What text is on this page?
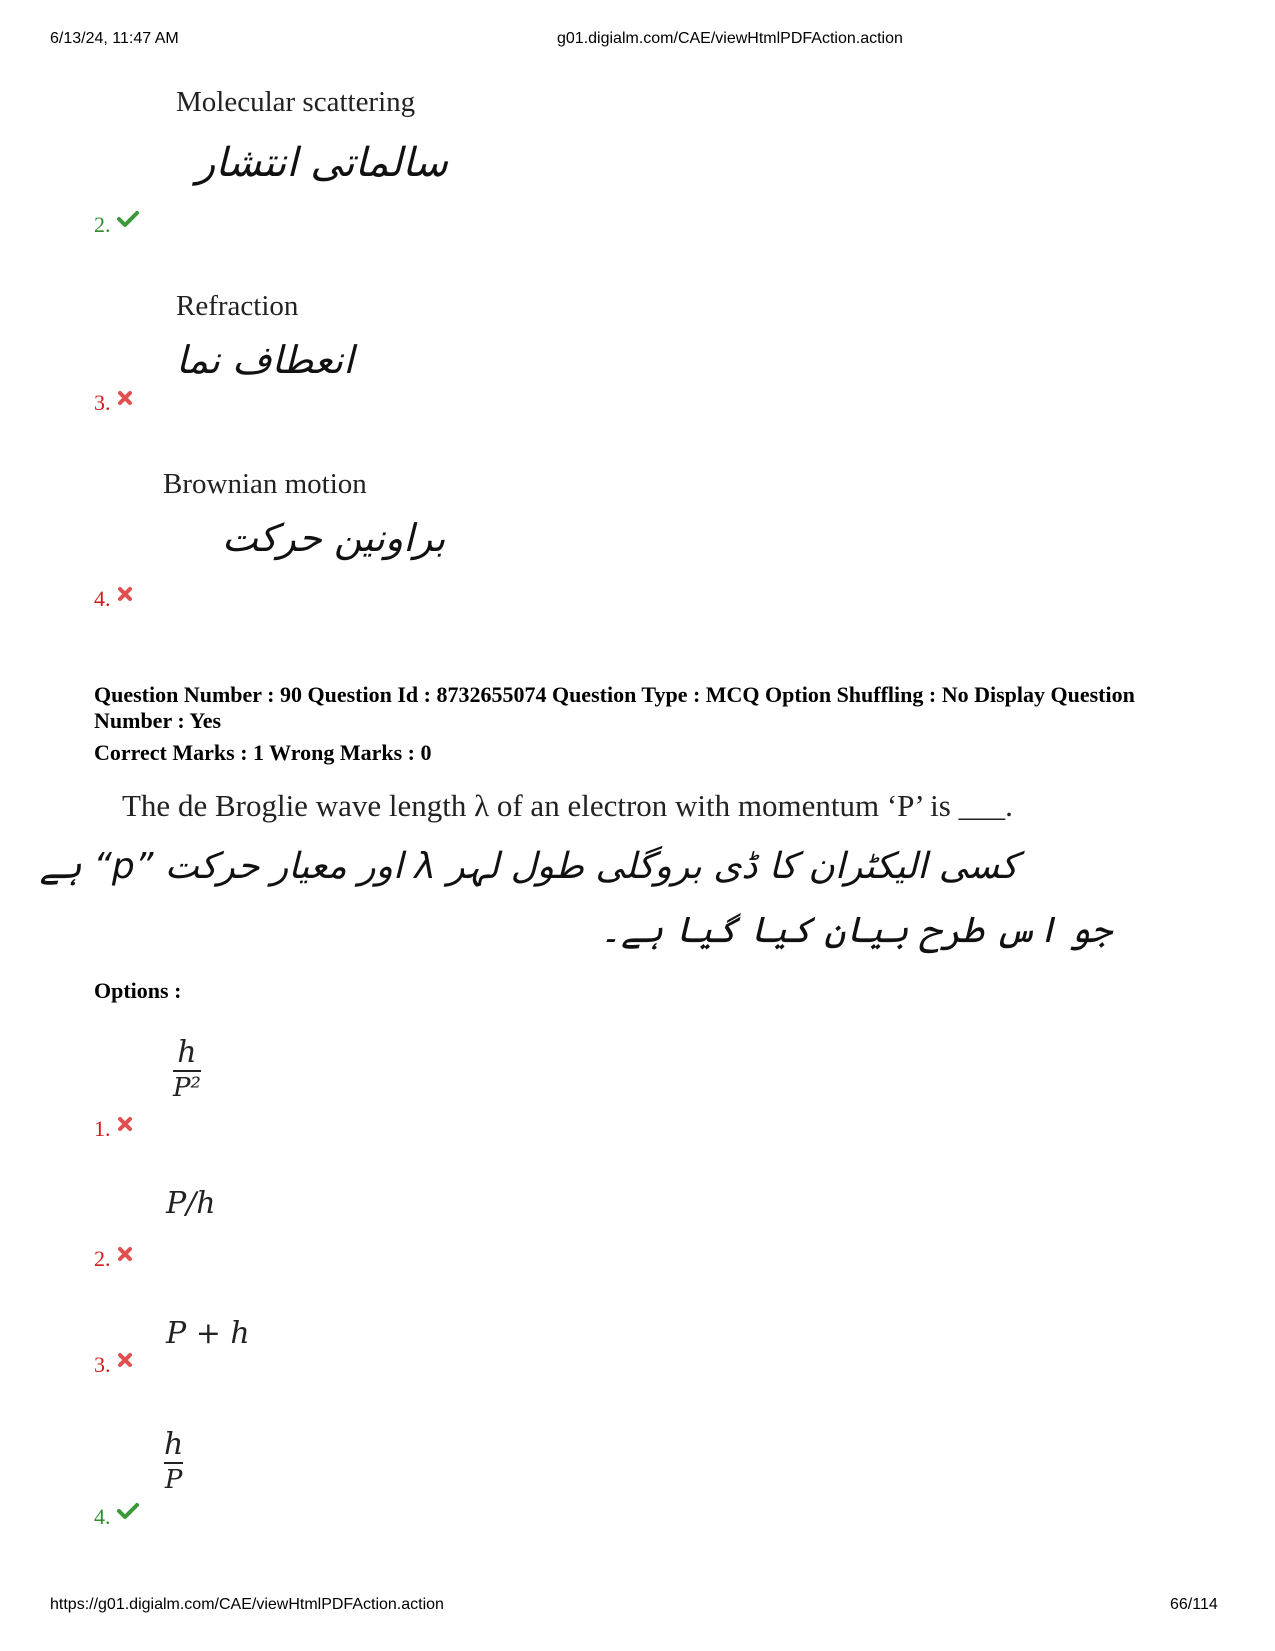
6/13/24, 11:47 AM	g01.digialm.com/CAE/viewHtmlPDFAction.action
Molecular scattering
سالماتی انتشار
2.
Refraction
انعطاف نما
3.
Brownian motion
براونین حرکت
4.
Question Number : 90 Question Id : 8732655074 Question Type : MCQ Option Shuffling : No Display Question
Number : Yes
Correct Marks : 1 Wrong Marks : 0
The de Broglie wave length λ of an electron with momentum ‘P’ is ___.
کسی الیکٹران کا ڈی بروگلی طول لہر λ اور معیار حرکت ”p“ ہے
جو اس طرح بیان کیا گیا ہے۔
Options :
$\frac{h}{\text{P²}}$
1.
P/h
2.
P + h
3.
$\frac{h}{P}$
4.
https://g01.digialm.com/CAE/viewHtmlPDFAction.action	66/114
